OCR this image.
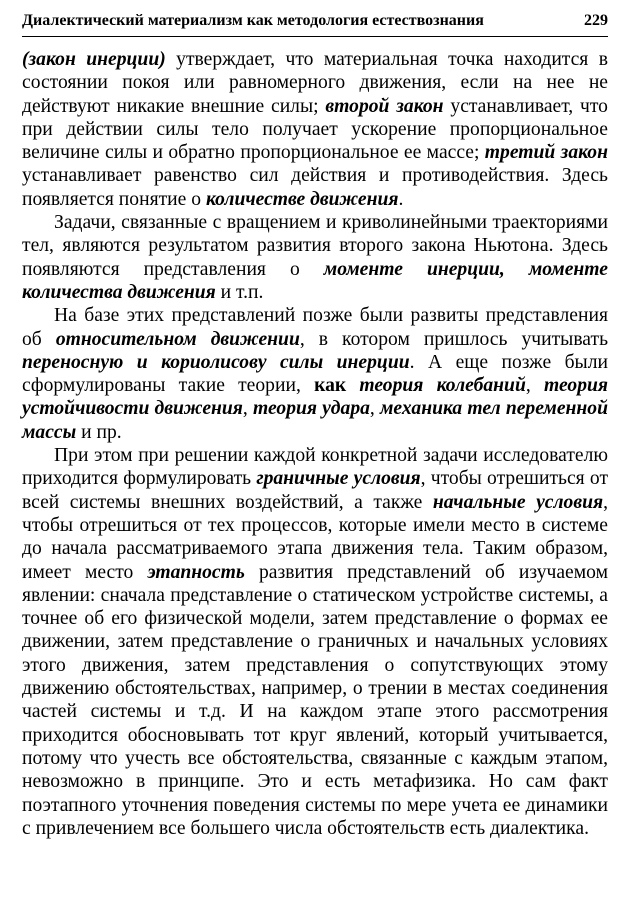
Диалектический материализм как методология естествознания	229

(закон инерции) утверждает, что материальная точка находится в состоянии покоя или равномерного движения, если на нее не действуют никакие внешние силы; второй закон устанавливает, что при действии силы тело получает ускорение пропорциональное величине силы и обратно пропорциональное ее массе; третий закон устанавливает равенство сил действия и противодействия. Здесь появляется понятие о количестве движения.

Задачи, связанные с вращением и криволинейными траекториями тел, являются результатом развития второго закона Ньютона. Здесь появляются представления о моменте инерции, моменте количества движения и т.п.

На базе этих представлений позже были развиты представления об относительном движении, в котором пришлось учитывать переносную и кориолисову силы инерции. А еще позже были сформулированы такие теории, как теория колебаний, теория устойчивости движения, теория удара, механика тел переменной массы и пр.

При этом при решении каждой конкретной задачи исследователю приходится формулировать граничные условия, чтобы отрешиться от всей системы внешних воздействий, а также начальные условия, чтобы отрешиться от тех процессов, которые имели место в системе до начала рассматриваемого этапа движения тела. Таким образом, имеет место этапность развития представлений об изучаемом явлении: сначала представление о статическом устройстве системы, а точнее об его физической модели, затем представление о формах ее движении, затем представление о граничных и начальных условиях этого движения, затем представления о сопутствующих этому движению обстоятельствах, например, о трении в местах соединения частей системы и т.д. И на каждом этапе этого рассмотрения приходится обосновывать тот круг явлений, который учитывается, потому что учесть все обстоятельства, связанные с каждым этапом, невозможно в принципе. Это и есть метафизика. Но сам факт поэтапного уточнения поведения системы по мере учета ее динамики с привлечением все большего числа обстоятельств есть диалектика.
